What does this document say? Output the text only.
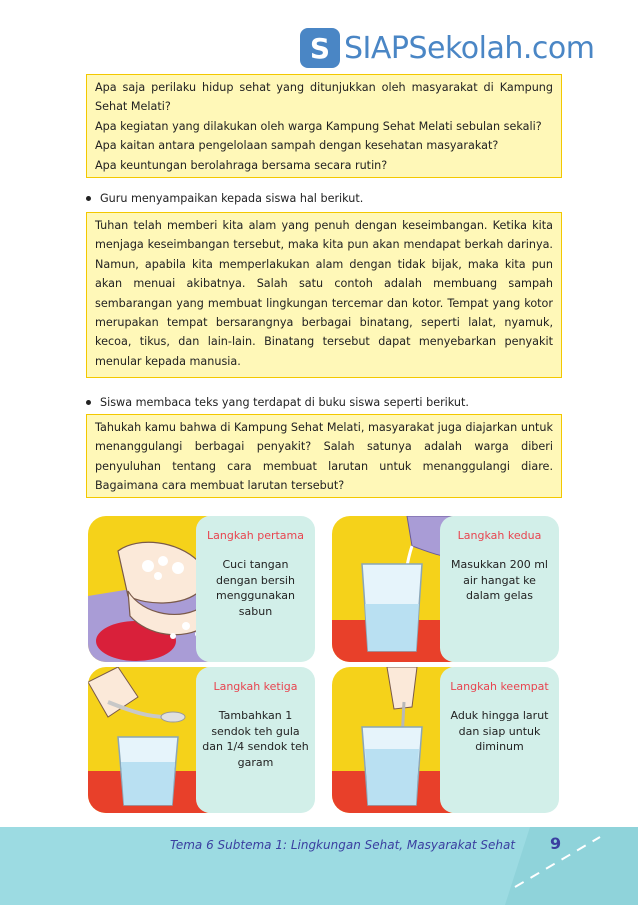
S SIAPSekolah.com

Apa saja perilaku hidup sehat yang ditunjukkan oleh masyarakat di Kampung Sehat Melati?

Apa kegiatan yang dilakukan oleh warga Kampung Sehat Melati sebulan sekali?

Apa kaitan antara pengelolaan sampah dengan kesehatan masyarakat?

Apa keuntungan berolahraga bersama secara rutin?

Guru menyampaikan kepada siswa hal berikut.

Tuhan telah memberi kita alam yang penuh dengan keseimbangan. Ketika kita menjaga keseimbangan tersebut, maka kita pun akan mendapat berkah darinya. Namun, apabila kita memperlakukan alam dengan tidak bijak, maka kita pun akan menuai akibatnya. Salah satu contoh adalah membuang sampah sembarangan yang membuat lingkungan tercemar dan kotor. Tempat yang kotor merupakan tempat bersarangnya berbagai binatang, seperti lalat, nyamuk, kecoa, tikus, dan lain-lain. Binatang tersebut dapat menyebarkan penyakit menular kepada manusia.

Siswa membaca teks yang terdapat di buku siswa seperti berikut.

Tahukah kamu bahwa di Kampung Sehat Melati, masyarakat juga diajarkan untuk menanggulangi berbagai penyakit? Salah satunya adalah warga diberi penyuluhan tentang cara membuat larutan untuk menanggulangi diare. Bagaimana cara membuat larutan tersebut?

Langkah pertama
Cuci tangan dengan bersih menggunakan sabun
Langkah kedua
Masukkan 200 ml air hangat ke dalam gelas
Langkah ketiga
Tambahkan 1 sendok teh gula dan 1/4 sendok teh garam
Langkah keempat
Aduk hingga larut dan siap untuk diminum
Tema 6 Subtema 1: Lingkungan Sehat, Masyarakat Sehat 9
